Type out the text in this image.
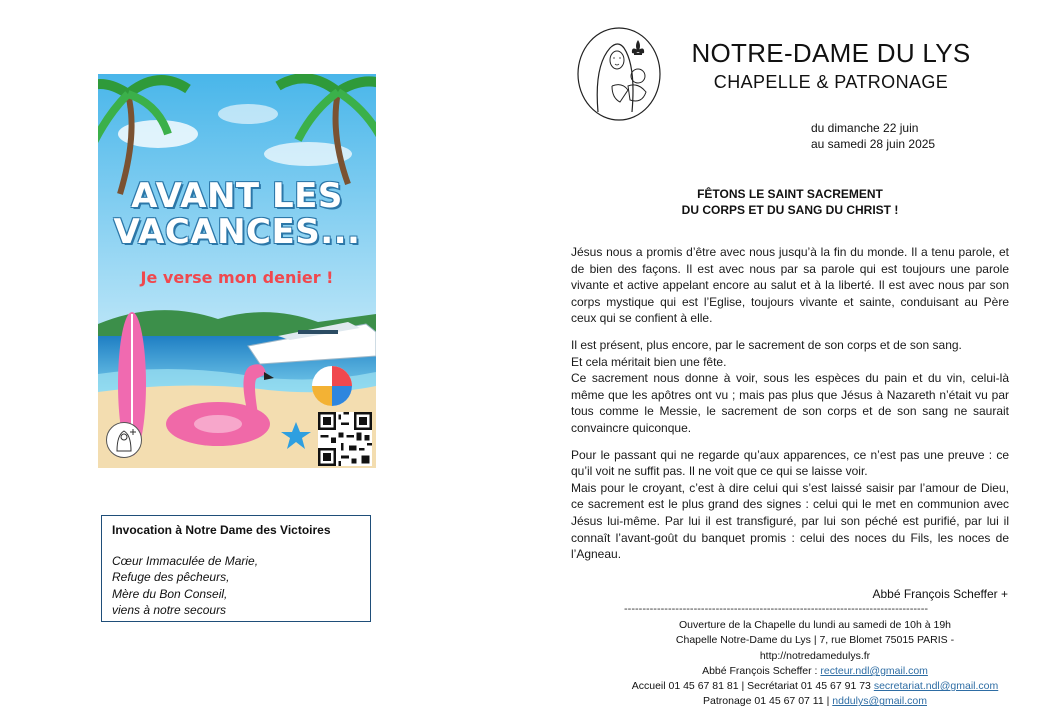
AVANT LES
VACANCES...
Je verse mon denier !
Invocation à Notre Dame des Victoires
Cœur Immaculée de Marie,
Refuge des pêcheurs,
Mère du Bon Conseil,
viens à notre secours
NOTRE-DAME DU LYS
CHAPELLE & PATRONAGE
du dimanche 22 juin
au samedi 28 juin 2025
FÊTONS LE SAINT SACREMENT
DU CORPS ET DU SANG DU CHRIST !

Jésus nous a promis d’être avec nous jusqu’à la fin du monde. Il a tenu parole, et de bien des façons. Il est avec nous par sa parole qui est toujours une parole vivante et active appelant encore au salut et à la liberté. Il est avec nous par son corps mystique qui est l’Eglise, toujours vivante et sainte, conduisant au Père ceux qui se confient à elle.

Il est présent, plus encore, par le sacrement de son corps et de son sang.
Et cela méritait bien une fête.
Ce sacrement nous donne à voir, sous les espèces du pain et du vin, celui-là même que les apôtres ont vu ; mais pas plus que Jésus à Nazareth n’était vu par tous comme le Messie, le sacrement de son corps et de son sang ne saurait convaincre quiconque.

Pour le passant qui ne regarde qu’aux apparences, ce n’est pas une preuve : ce qu’il voit ne suffit pas. Il ne voit que ce qui se laisse voir.
Mais pour le croyant, c’est à dire celui qui s’est laissé saisir par l’amour de Dieu, ce sacrement est le plus grand des signes : celui qui le met en communion avec Jésus lui-même. Par lui il est transfiguré, par lui son péché est purifié, par lui il connaît l’avant-goût du banquet promis : celui des noces du Fils, les noces de l’Agneau.

Abbé François Scheffer +
-----------------------------------------------------------------------------------
Ouverture de la Chapelle du lundi au samedi de 10h à 19h
Chapelle Notre-Dame du Lys | 7, rue Blomet 75015 PARIS -
http://notredamedulys.fr
Abbé François Scheffer : recteur.ndl@gmail.com
Accueil 01 45 67 81 81 | Secrétariat 01 45 67 91 73 secretariat.ndl@gmail.com
Patronage 01 45 67 07 11 | nddulys@gmail.com
